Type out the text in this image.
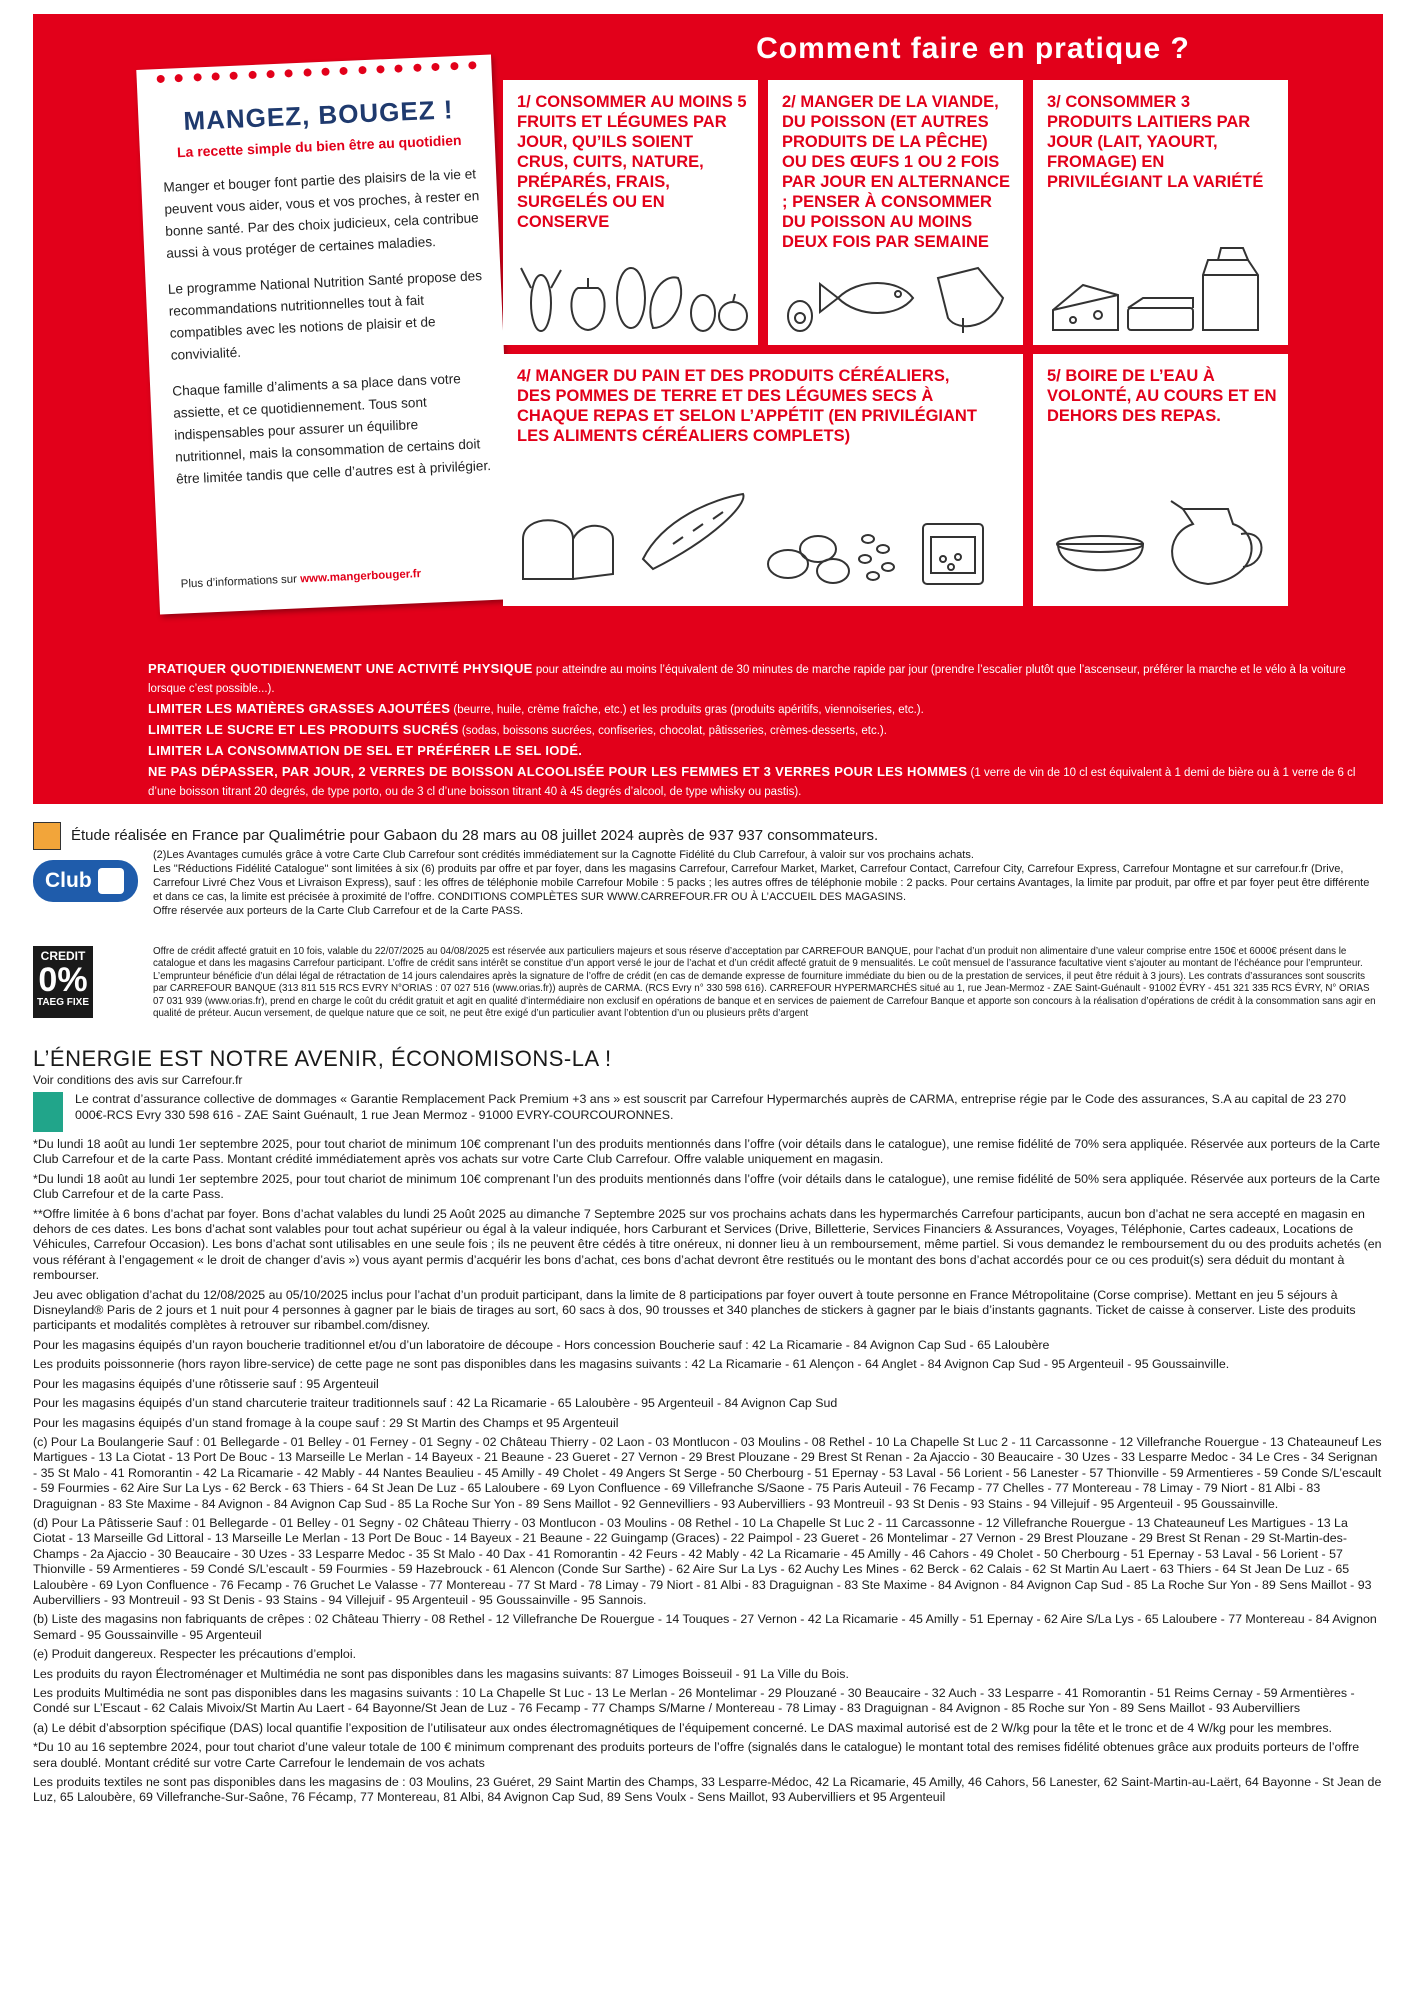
Comment faire en pratique ?
MANGEZ, BOUGEZ !
La recette simple du bien être au quotidien

Manger et bouger font partie des plaisirs de la vie et peuvent vous aider, vous et vos proches, à rester en bonne santé. Par des choix judicieux, cela contribue aussi à vous protéger de certaines maladies.

Le programme National Nutrition Santé propose des recommandations nutritionnelles tout à fait compatibles avec les notions de plaisir et de convivialité.

Chaque famille d’aliments a sa place dans votre assiette, et ce quotidiennement. Tous sont indispensables pour assurer un équilibre nutritionnel, mais la consommation de certains doit être limitée tandis que celle d’autres est à privilégier.

Plus d’informations sur www.mangerbouger.fr
1/ CONSOMMER AU MOINS 5 FRUITS ET LÉGUMES PAR JOUR, QU’ILS SOIENT CRUS, CUITS, NATURE, PRÉPARÉS, FRAIS, SURGELÉS OU EN CONSERVE
2/ MANGER DE LA VIANDE, DU POISSON (ET AUTRES PRODUITS DE LA PÊCHE) OU DES ŒUFS 1 OU 2 FOIS PAR JOUR EN ALTERNANCE ; PENSER À CONSOMMER DU POISSON AU MOINS DEUX FOIS PAR SEMAINE
3/ CONSOMMER 3 PRODUITS LAITIERS PAR JOUR (LAIT, YAOURT, FROMAGE) EN PRIVILÉGIANT LA VARIÉTÉ
4/ MANGER DU PAIN ET DES PRODUITS CÉRÉALIERS, DES POMMES DE TERRE ET DES LÉGUMES SECS À CHAQUE REPAS ET SELON L’APPÉTIT (EN PRIVILÉGIANT LES ALIMENTS CÉRÉALIERS COMPLETS)
5/ BOIRE DE L’EAU À VOLONTÉ, AU COURS ET EN DEHORS DES REPAS.
PRATIQUER QUOTIDIENNEMENT UNE ACTIVITÉ PHYSIQUE pour atteindre au moins l’équivalent de 30 minutes de marche rapide par jour (prendre l’escalier plutôt que l’ascenseur, préférer la marche et le vélo à la voiture lorsque c’est possible...).
LIMITER LES MATIÈRES GRASSES AJOUTÉES (beurre, huile, crème fraîche, etc.) et les produits gras (produits apéritifs, viennoiseries, etc.).
LIMITER LE SUCRE ET LES PRODUITS SUCRÉS (sodas, boissons sucrées, confiseries, chocolat, pâtisseries, crèmes-desserts, etc.).
LIMITER LA CONSOMMATION DE SEL ET PRÉFÉRER LE SEL IODÉ.
NE PAS DÉPASSER, PAR JOUR, 2 VERRES DE BOISSON ALCOOLISÉE POUR LES FEMMES ET 3 VERRES POUR LES HOMMES (1 verre de vin de 10 cl est équivalent à 1 demi de bière ou à 1 verre de 6 cl d’une boisson titrant 20 degrés, de type porto, ou de 3 cl d’une boisson titrant 40 à 45 degrés d’alcool, de type whisky ou pastis).
Étude réalisée en France par Qualimétrie pour Gabaon du 28 mars au 08 juillet 2024 auprès de 937 937 consommateurs.
Club
(2)Les Avantages cumulés grâce à votre Carte Club Carrefour sont crédités immédiatement sur la Cagnotte Fidélité du Club Carrefour, à valoir sur vos prochains achats.
Les "Réductions Fidélité Catalogue" sont limitées à six (6) produits par offre et par foyer, dans les magasins Carrefour, Carrefour Market, Market, Carrefour Contact, Carrefour City, Carrefour Express, Carrefour Montagne et sur carrefour.fr (Drive, Carrefour Livré Chez Vous et Livraison Express), sauf : les offres de téléphonie mobile Carrefour Mobile : 5 packs ; les autres offres de téléphonie mobile : 2 packs. Pour certains Avantages, la limite par produit, par offre et par foyer peut être différente et dans ce cas, la limite est précisée à proximité de l’offre. CONDITIONS COMPLÈTES SUR WWW.CARREFOUR.FR OU À L’ACCUEIL DES MAGASINS.
Offre réservée aux porteurs de la Carte Club Carrefour et de la Carte PASS.
CREDIT
0%
TAEG FIXE
Offre de crédit affecté gratuit en 10 fois, valable du 22/07/2025 au 04/08/2025 est réservée aux particuliers majeurs et sous réserve d’acceptation par CARREFOUR BANQUE, pour l’achat d’un produit non alimentaire d’une valeur comprise entre 150€ et 6000€ présent dans le catalogue et dans les magasins Carrefour participant. L’offre de crédit sans intérêt se constitue d’un apport versé le jour de l’achat et d’un crédit affecté gratuit de 9 mensualités. Le coût mensuel de l’assurance facultative vient s’ajouter au montant de l’échéance pour l’emprunteur. L’emprunteur bénéficie d’un délai légal de rétractation de 14 jours calendaires après la signature de l’offre de crédit (en cas de demande expresse de fourniture immédiate du bien ou de la prestation de services, il peut être réduit à 3 jours). Les contrats d’assurances sont souscrits par CARREFOUR BANQUE (313 811 515 RCS EVRY N°ORIAS : 07 027 516 (www.orias.fr)) auprès de CARMA. (RCS Evry n° 330 598 616). CARREFOUR HYPERMARCHÉS situé au 1, rue Jean-Mermoz - ZAE Saint-Guénault - 91002 ÉVRY - 451 321 335 RCS ÉVRY, N° ORIAS 07 031 939 (www.orias.fr), prend en charge le coût du crédit gratuit et agit en qualité d’intermédiaire non exclusif en opérations de banque et en services de paiement de Carrefour Banque et apporte son concours à la réalisation d’opérations de crédit à la consommation sans agir en qualité de préteur. Aucun versement, de quelque nature que ce soit, ne peut être exigé d’un particulier avant l’obtention d’un ou plusieurs prêts d’argent
L’ÉNERGIE EST NOTRE AVENIR, ÉCONOMISONS-LA !
Voir conditions des avis sur Carrefour.fr
Le contrat d’assurance collective de dommages « Garantie Remplacement Pack Premium +3 ans » est souscrit par Carrefour Hypermarchés auprès de CARMA, entreprise régie par le Code des assurances, S.A au capital de 23 270 000€-RCS Evry 330 598 616 - ZAE Saint Guénault, 1 rue Jean Mermoz - 91000 EVRY-COURCOURONNES.

*Du lundi 18 août au lundi 1er septembre 2025, pour tout chariot de minimum 10€ comprenant l’un des produits mentionnés dans l’offre (voir détails dans le catalogue), une remise fidélité de 70% sera appliquée. Réservée aux porteurs de la Carte Club Carrefour et de la carte Pass. Montant crédité immédiatement après vos achats sur votre Carte Club Carrefour. Offre valable uniquement en magasin.

*Du lundi 18 août au lundi 1er septembre 2025, pour tout chariot de minimum 10€ comprenant l’un des produits mentionnés dans l’offre (voir détails dans le catalogue), une remise fidélité de 50% sera appliquée. Réservée aux porteurs de la Carte Club Carrefour et de la carte Pass.

**Offre limitée à 6 bons d’achat par foyer. Bons d’achat valables du lundi 25 Août 2025 au dimanche 7 Septembre 2025 sur vos prochains achats dans les hypermarchés Carrefour participants, aucun bon d’achat ne sera accepté en magasin en dehors de ces dates. Les bons d’achat sont valables pour tout achat supérieur ou égal à la valeur indiquée, hors Carburant et Services (Drive, Billetterie, Services Financiers & Assurances, Voyages, Téléphonie, Cartes cadeaux, Locations de Véhicules, Carrefour Occasion). Les bons d’achat sont utilisables en une seule fois ; ils ne peuvent être cédés à titre onéreux, ni donner lieu à un remboursement, même partiel. Si vous demandez le remboursement du ou des produits achetés (en vous référant à l’engagement « le droit de changer d’avis ») vous ayant permis d’acquérir les bons d’achat, ces bons d’achat devront être restitués ou le montant des bons d’achat accordés pour ce ou ces produit(s) sera déduit du montant à rembourser.

Jeu avec obligation d’achat du 12/08/2025 au 05/10/2025 inclus pour l’achat d’un produit participant, dans la limite de 8 participations par foyer ouvert à toute personne en France Métropolitaine (Corse comprise). Mettant en jeu 5 séjours à Disneyland® Paris de 2 jours et 1 nuit pour 4 personnes à gagner par le biais de tirages au sort, 60 sacs à dos, 90 trousses et 340 planches de stickers à gagner par le biais d’instants gagnants. Ticket de caisse à conserver. Liste des produits participants et modalités complètes à retrouver sur ribambel.com/disney.

Pour les magasins équipés d’un rayon boucherie traditionnel et/ou d’un laboratoire de découpe - Hors concession Boucherie sauf : 42 La Ricamarie - 84 Avignon Cap Sud - 65 Laloubère

Les produits poissonnerie (hors rayon libre-service) de cette page ne sont pas disponibles dans les magasins suivants : 42 La Ricamarie - 61 Alençon - 64 Anglet - 84 Avignon Cap Sud - 95 Argenteuil - 95 Goussainville.

Pour les magasins équipés d’une rôtisserie sauf : 95 Argenteuil

Pour les magasins équipés d’un stand charcuterie traiteur traditionnels sauf : 42 La Ricamarie - 65 Laloubère - 95 Argenteuil - 84 Avignon Cap Sud

Pour les magasins équipés d’un stand fromage à la coupe sauf : 29 St Martin des Champs et 95 Argenteuil

(c) Pour La Boulangerie Sauf : 01 Bellegarde - 01 Belley - 01 Ferney - 01 Segny - 02 Château Thierry - 02 Laon - 03 Montlucon - 03 Moulins - 08 Rethel - 10 La Chapelle St Luc 2 - 11 Carcassonne - 12 Villefranche Rouergue - 13 Chateauneuf Les Martigues - 13 La Ciotat - 13 Port De Bouc - 13 Marseille Le Merlan - 14 Bayeux - 21 Beaune - 23 Gueret - 27 Vernon - 29 Brest Plouzane - 29 Brest St Renan - 2a Ajaccio - 30 Beaucaire - 30 Uzes - 33 Lesparre Medoc - 34 Le Cres - 34 Serignan - 35 St Malo - 41 Romorantin - 42 La Ricamarie - 42 Mably - 44 Nantes Beaulieu - 45 Amilly - 49 Cholet - 49 Angers St Serge - 50 Cherbourg - 51 Epernay - 53 Laval - 56 Lorient - 56 Lanester - 57 Thionville - 59 Armentieres - 59 Conde S/L’escault - 59 Fourmies - 62 Aire Sur La Lys - 62 Berck - 63 Thiers - 64 St Jean De Luz - 65 Laloubere - 69 Lyon Confluence - 69 Villefranche S/Saone - 75 Paris Auteuil - 76 Fecamp - 77 Chelles - 77 Montereau - 78 Limay - 79 Niort - 81 Albi - 83 Draguignan - 83 Ste Maxime - 84 Avignon - 84 Avignon Cap Sud - 85 La Roche Sur Yon - 89 Sens Maillot - 92 Gennevilliers - 93 Aubervilliers - 93 Montreuil - 93 St Denis - 93 Stains - 94 Villejuif - 95 Argenteuil - 95 Goussainville.

(d) Pour La Pâtisserie Sauf : 01 Bellegarde - 01 Belley - 01 Segny - 02 Château Thierry - 03 Montlucon - 03 Moulins - 08 Rethel - 10 La Chapelle St Luc 2 - 11 Carcassonne - 12 Villefranche Rouergue - 13 Chateauneuf Les Martigues - 13 La Ciotat - 13 Marseille Gd Littoral - 13 Marseille Le Merlan - 13 Port De Bouc - 14 Bayeux - 21 Beaune - 22 Guingamp (Graces) - 22 Paimpol - 23 Gueret - 26 Montelimar - 27 Vernon - 29 Brest Plouzane - 29 Brest St Renan - 29 St-Martin-des-Champs - 2a Ajaccio - 30 Beaucaire - 30 Uzes - 33 Lesparre Medoc - 35 St Malo - 40 Dax - 41 Romorantin - 42 Feurs - 42 Mably - 42 La Ricamarie - 45 Amilly - 46 Cahors - 49 Cholet - 50 Cherbourg - 51 Epernay - 53 Laval - 56 Lorient - 57 Thionville - 59 Armentieres - 59 Condé S/L’escault - 59 Fourmies - 59 Hazebrouck - 61 Alencon (Conde Sur Sarthe) - 62 Aire Sur La Lys - 62 Auchy Les Mines - 62 Berck - 62 Calais - 62 St Martin Au Laert - 63 Thiers - 64 St Jean De Luz - 65 Laloubère - 69 Lyon Confluence - 76 Fecamp - 76 Gruchet Le Valasse - 77 Montereau - 77 St Mard - 78 Limay - 79 Niort - 81 Albi - 83 Draguignan - 83 Ste Maxime - 84 Avignon - 84 Avignon Cap Sud - 85 La Roche Sur Yon - 89 Sens Maillot - 93 Aubervilliers - 93 Montreuil - 93 St Denis - 93 Stains - 94 Villejuif - 95 Argenteuil - 95 Goussainville - 95 Sannois.

(b) Liste des magasins non fabriquants de crêpes : 02 Château Thierry - 08 Rethel - 12 Villefranche De Rouergue - 14 Touques - 27 Vernon - 42 La Ricamarie - 45 Amilly - 51 Epernay - 62 Aire S/La Lys - 65 Laloubere - 77 Montereau - 84 Avignon Semard - 95 Goussainville - 95 Argenteuil

(e) Produit dangereux. Respecter les précautions d’emploi.

Les produits du rayon Électroménager et Multimédia ne sont pas disponibles dans les magasins suivants: 87 Limoges Boisseuil - 91 La Ville du Bois.

Les produits Multimédia ne sont pas disponibles dans les magasins suivants : 10 La Chapelle St Luc - 13 Le Merlan - 26 Montelimar - 29 Plouzané - 30 Beaucaire - 32 Auch - 33 Lesparre - 41 Romorantin - 51 Reims Cernay - 59 Armentières - Condé sur L’Escaut - 62 Calais Mivoix/St Martin Au Laert - 64 Bayonne/St Jean de Luz - 76 Fecamp - 77 Champs S/Marne / Montereau - 78 Limay - 83 Draguignan - 84 Avignon - 85 Roche sur Yon - 89 Sens Maillot - 93 Aubervilliers

(a) Le débit d’absorption spécifique (DAS) local quantifie l’exposition de l’utilisateur aux ondes électromagnétiques de l’équipement concerné. Le DAS maximal autorisé est de 2 W/kg pour la tête et le tronc et de 4 W/kg pour les membres.

*Du 10 au 16 septembre 2024, pour tout chariot d’une valeur totale de 100 € minimum comprenant des produits porteurs de l’offre (signalés dans le catalogue) le montant total des remises fidélité obtenues grâce aux produits porteurs de l’offre sera doublé. Montant crédité sur votre Carte Carrefour le lendemain de vos achats

Les produits textiles ne sont pas disponibles dans les magasins de : 03 Moulins, 23 Guéret, 29 Saint Martin des Champs, 33 Lesparre-Médoc, 42 La Ricamarie, 45 Amilly, 46 Cahors, 56 Lanester, 62 Saint-Martin-au-Laërt, 64 Bayonne - St Jean de Luz, 65 Laloubère, 69 Villefranche-Sur-Saône, 76 Fécamp, 77 Montereau, 81 Albi, 84 Avignon Cap Sud, 89 Sens Voulx - Sens Maillot, 93 Aubervilliers et 95 Argenteuil
